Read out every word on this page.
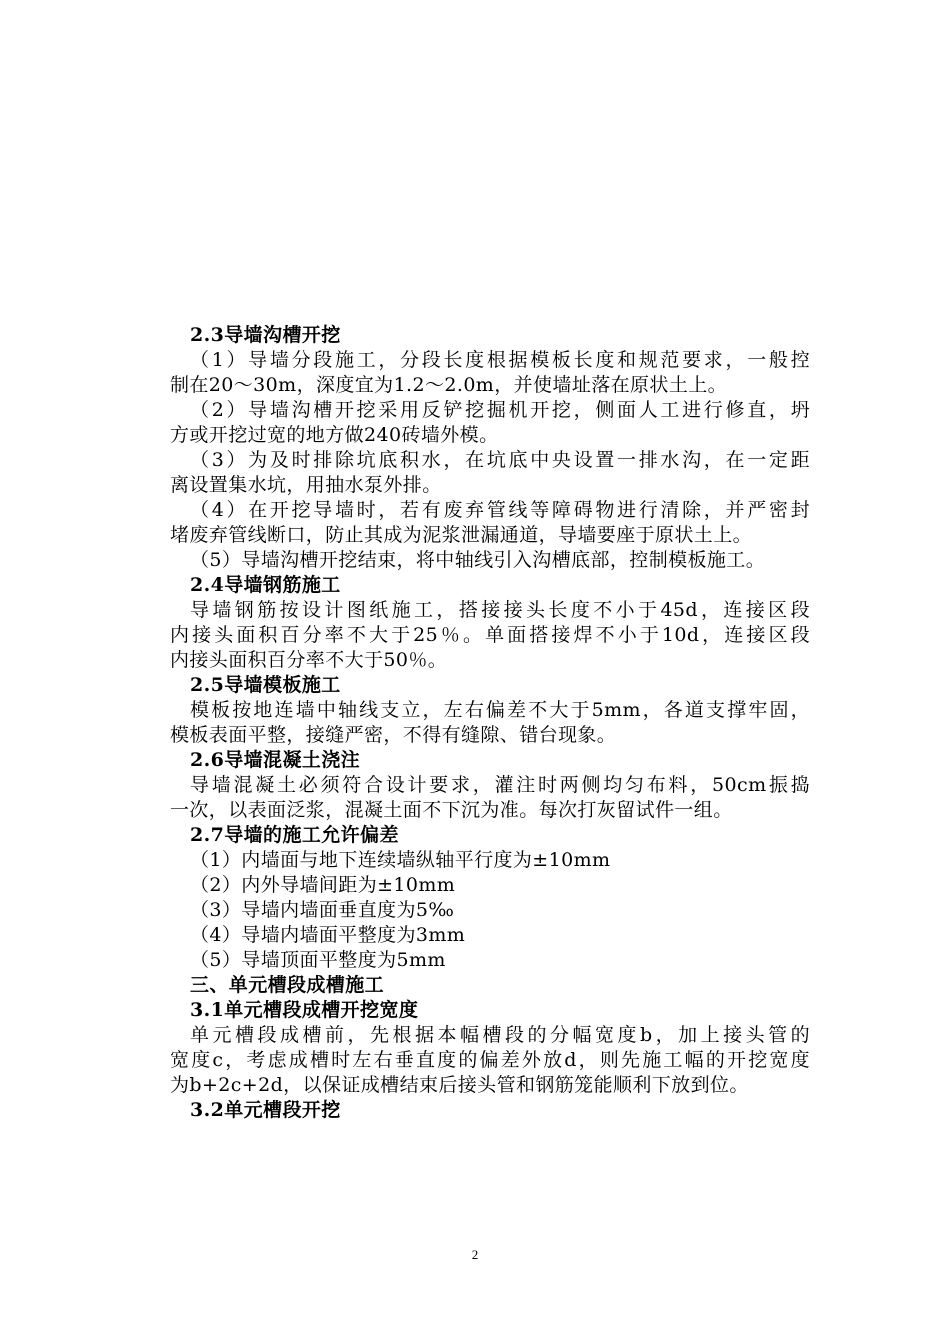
2.3导墙沟槽开挖
（1）导墙分段施工，分段长度根据模板长度和规范要求，一般控
制在20～30m，深度宜为1.2～2.0m，并使墙址落在原状土上。
（2）导墙沟槽开挖采用反铲挖掘机开挖，侧面人工进行修直，坍
方或开挖过宽的地方做240砖墙外模。
（3）为及时排除坑底积水，在坑底中央设置一排水沟，在一定距
离设置集水坑，用抽水泵外排。
（4）在开挖导墙时，若有废弃管线等障碍物进行清除，并严密封
堵废弃管线断口，防止其成为泥浆泄漏通道，导墙要座于原状土上。
（5）导墙沟槽开挖结束，将中轴线引入沟槽底部，控制模板施工。
2.4导墙钢筋施工
导墙钢筋按设计图纸施工，搭接接头长度不小于45d，连接区段
内接头面积百分率不大于25％。单面搭接焊不小于10d，连接区段
内接头面积百分率不大于50％。
2.5导墙模板施工
模板按地连墙中轴线支立，左右偏差不大于5mm，各道支撑牢固，
模板表面平整，接缝严密，不得有缝隙、错台现象。
2.6导墙混凝土浇注
导墙混凝土必须符合设计要求，灌注时两侧均匀布料，50cm振捣
一次，以表面泛浆，混凝土面不下沉为准。每次打灰留试件一组。
2.7导墙的施工允许偏差
（1）内墙面与地下连续墙纵轴平行度为±10mm
（2）内外导墙间距为±10mm
（3）导墙内墙面垂直度为5‰
（4）导墙内墙面平整度为3mm
（5）导墙顶面平整度为5mm
三、单元槽段成槽施工
3.1单元槽段成槽开挖宽度
单元槽段成槽前，先根据本幅槽段的分幅宽度b，加上接头管的
宽度c，考虑成槽时左右垂直度的偏差外放d，则先施工幅的开挖宽度
为b+2c+2d，以保证成槽结束后接头管和钢筋笼能顺利下放到位。
3.2单元槽段开挖
2
